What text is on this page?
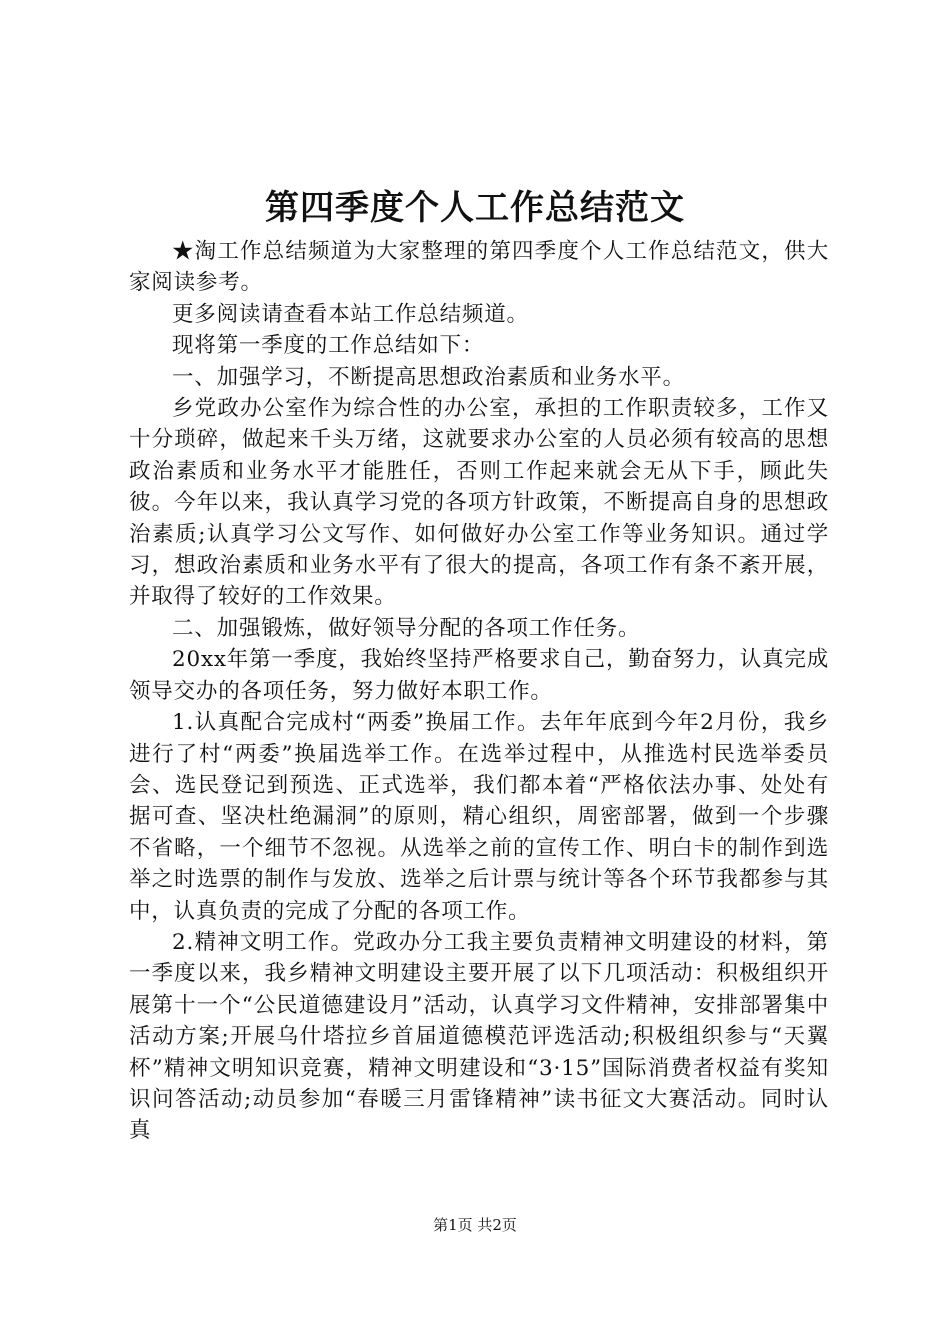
第四季度个人工作总结范文

★淘工作总结频道为大家整理的第四季度个人工作总结范文，供大家阅读参考。

更多阅读请查看本站工作总结频道。

现将第一季度的工作总结如下：

一、加强学习，不断提高思想政治素质和业务水平。

乡党政办公室作为综合性的办公室，承担的工作职责较多，工作又十分琐碎，做起来千头万绪，这就要求办公室的人员必须有较高的思想政治素质和业务水平才能胜任，否则工作起来就会无从下手，顾此失彼。今年以来，我认真学习党的各项方针政策，不断提高自身的思想政治素质;认真学习公文写作、如何做好办公室工作等业务知识。通过学习，想政治素质和业务水平有了很大的提高，各项工作有条不紊开展，并取得了较好的工作效果。

二、加强锻炼，做好领导分配的各项工作任务。

20xx年第一季度，我始终坚持严格要求自己，勤奋努力，认真完成领导交办的各项任务，努力做好本职工作。

1.认真配合完成村“两委”换届工作。去年年底到今年2月份，我乡进行了村“两委”换届选举工作。在选举过程中，从推选村民选举委员会、选民登记到预选、正式选举，我们都本着“严格依法办事、处处有据可查、坚决杜绝漏洞”的原则，精心组织，周密部署，做到一个步骤不省略，一个细节不忽视。从选举之前的宣传工作、明白卡的制作到选举之时选票的制作与发放、选举之后计票与统计等各个环节我都参与其中，认真负责的完成了分配的各项工作。

2.精神文明工作。党政办分工我主要负责精神文明建设的材料，第一季度以来，我乡精神文明建设主要开展了以下几项活动：积极组织开展第十一个“公民道德建设月”活动，认真学习文件精神，安排部署集中活动方案;开展乌什塔拉乡首届道德模范评选活动;积极组织参与“天翼杯”精神文明知识竞赛，精神文明建设和“3·15”国际消费者权益有奖知识问答活动;动员参加“春暖三月雷锋精神”读书征文大赛活动。同时认真

第1页 共2页
